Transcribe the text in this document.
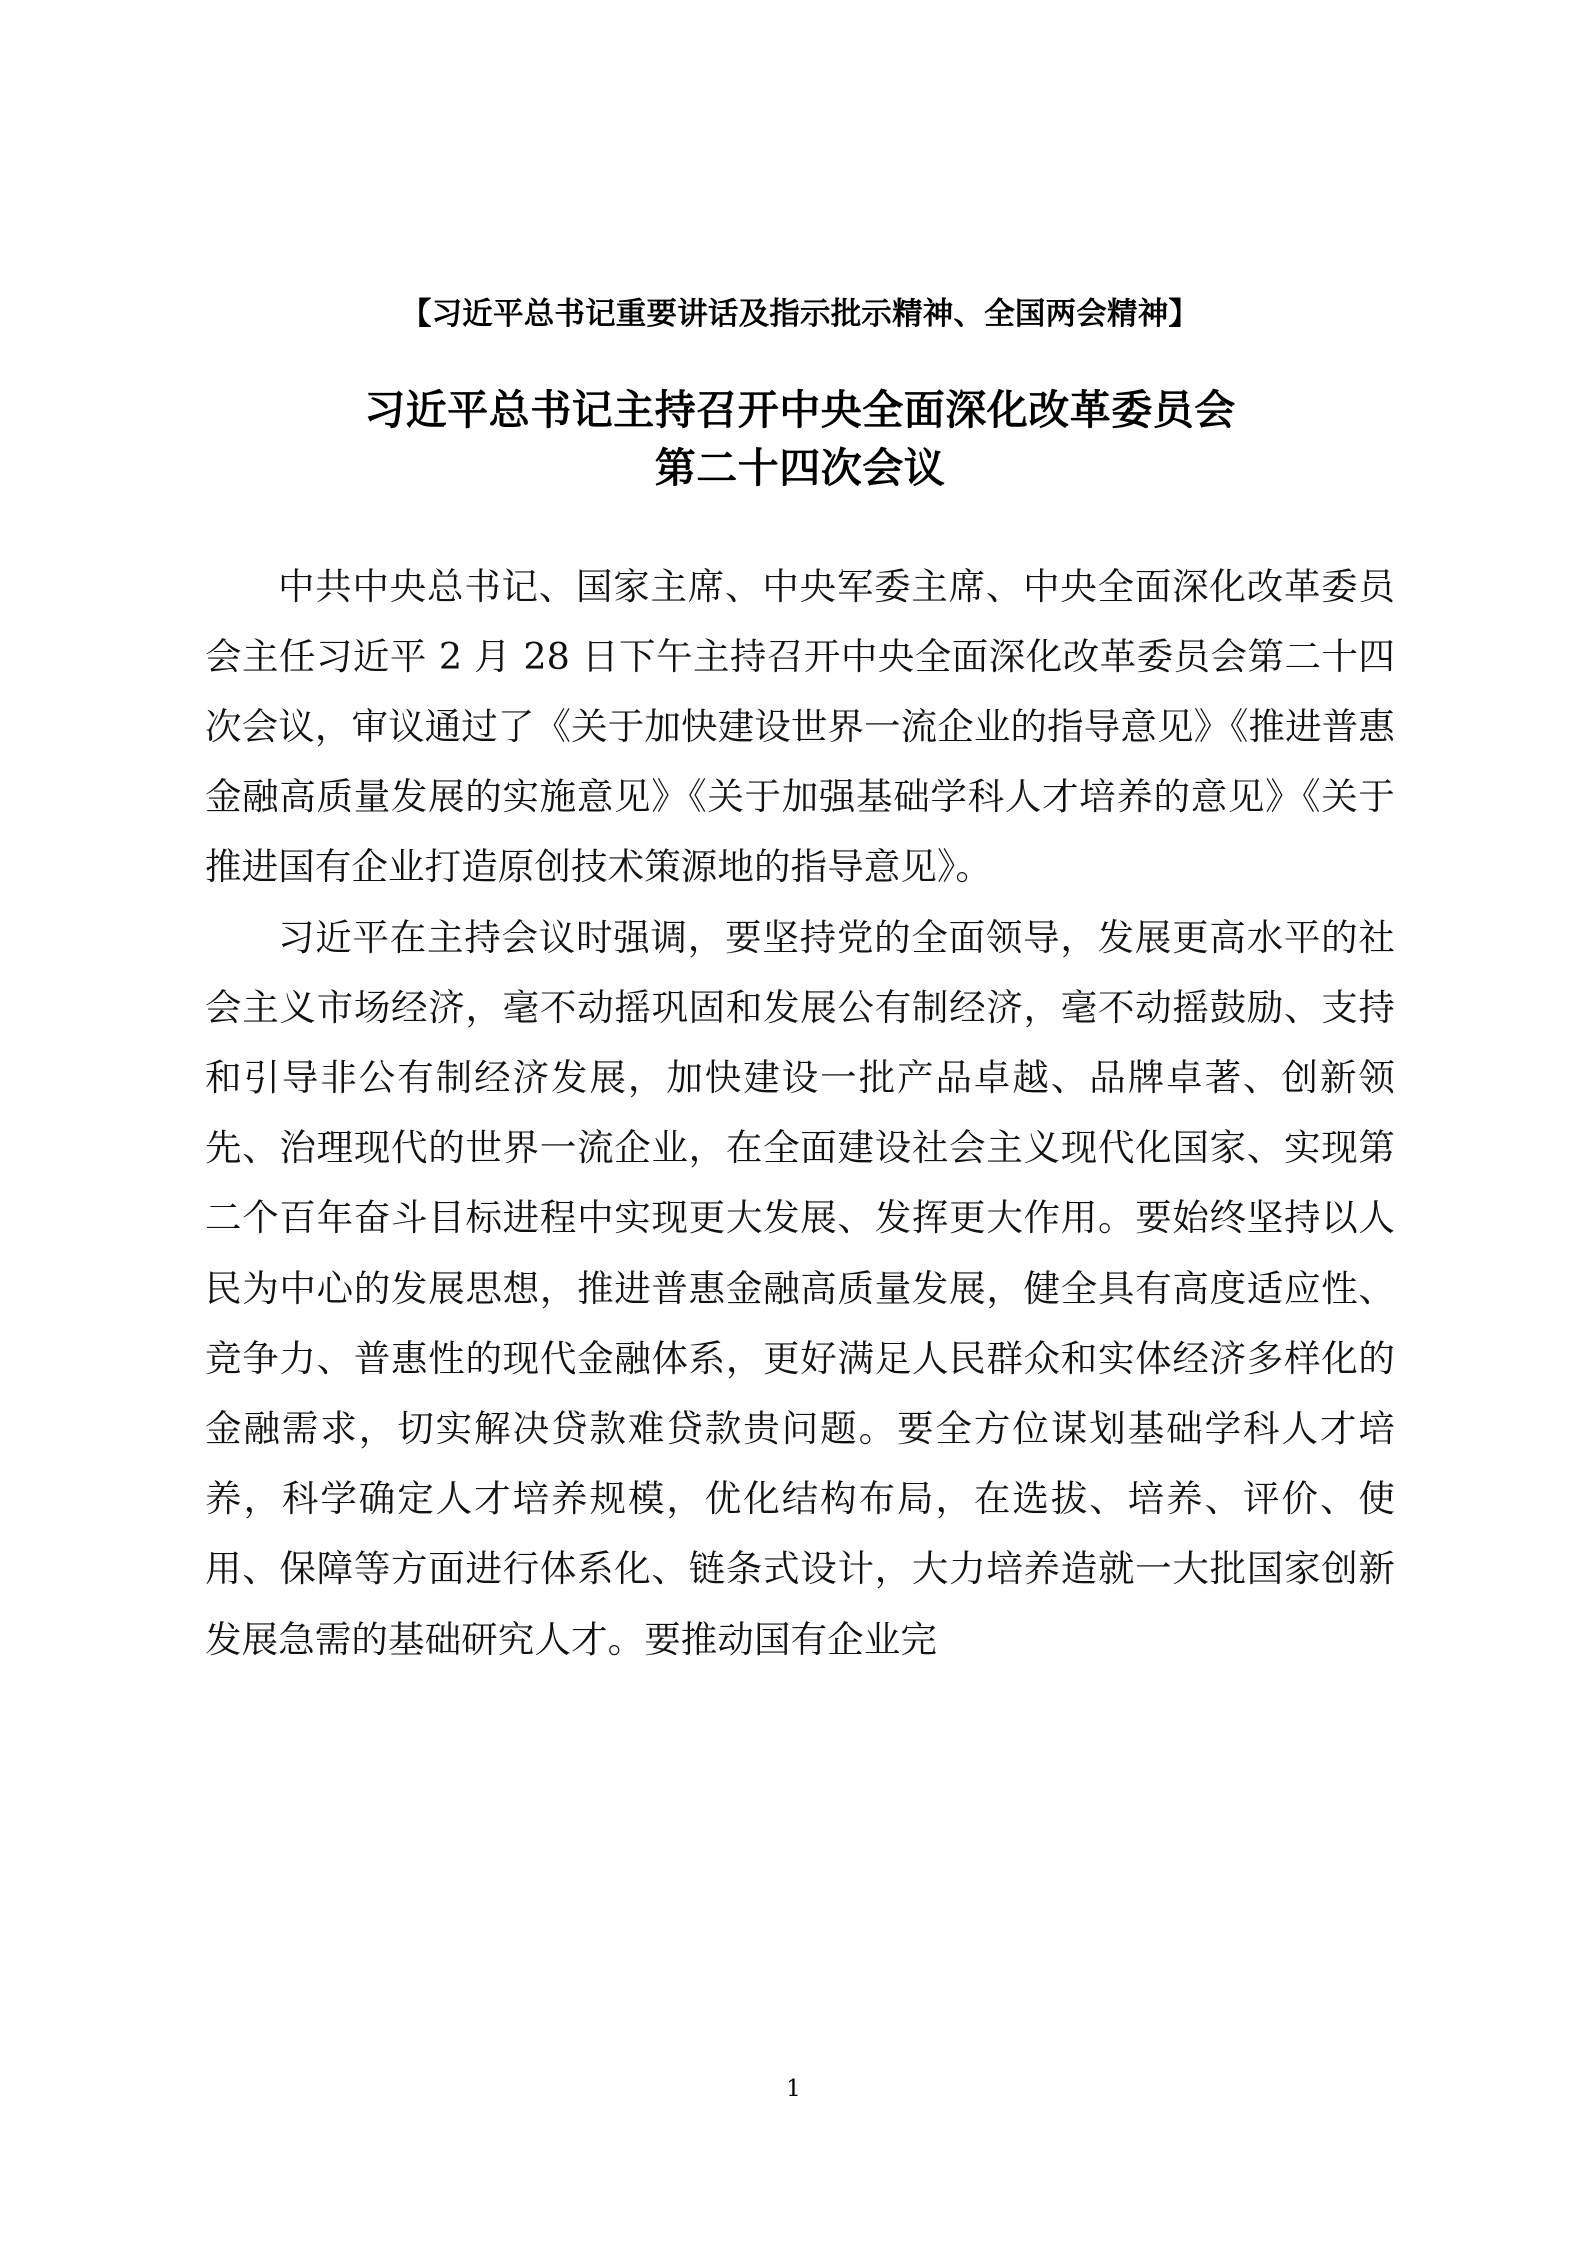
【习近平总书记重要讲话及指示批示精神、全国两会精神】
习近平总书记主持召开中央全面深化改革委员会
第二十四次会议

中共中央总书记、国家主席、中央军委主席、中央全面深化改革委员会主任习近平 2 月 28 日下午主持召开中央全面深化改革委员会第二十四次会议，审议通过了《关于加快建设世界一流企业的指导意见》《推进普惠金融高质量发展的实施意见》《关于加强基础学科人才培养的意见》《关于推进国有企业打造原创技术策源地的指导意见》。

习近平在主持会议时强调，要坚持党的全面领导，发展更高水平的社会主义市场经济，毫不动摇巩固和发展公有制经济，毫不动摇鼓励、支持和引导非公有制经济发展，加快建设一批产品卓越、品牌卓著、创新领先、治理现代的世界一流企业，在全面建设社会主义现代化国家、实现第二个百年奋斗目标进程中实现更大发展、发挥更大作用。要始终坚持以人民为中心的发展思想，推进普惠金融高质量发展，健全具有高度适应性、竞争力、普惠性的现代金融体系，更好满足人民群众和实体经济多样化的金融需求，切实解决贷款难贷款贵问题。要全方位谋划基础学科人才培养，科学确定人才培养规模，优化结构布局，在选拔、培养、评价、使用、保障等方面进行体系化、链条式设计，大力培养造就一大批国家创新发展急需的基础研究人才。要推动国有企业完

1
